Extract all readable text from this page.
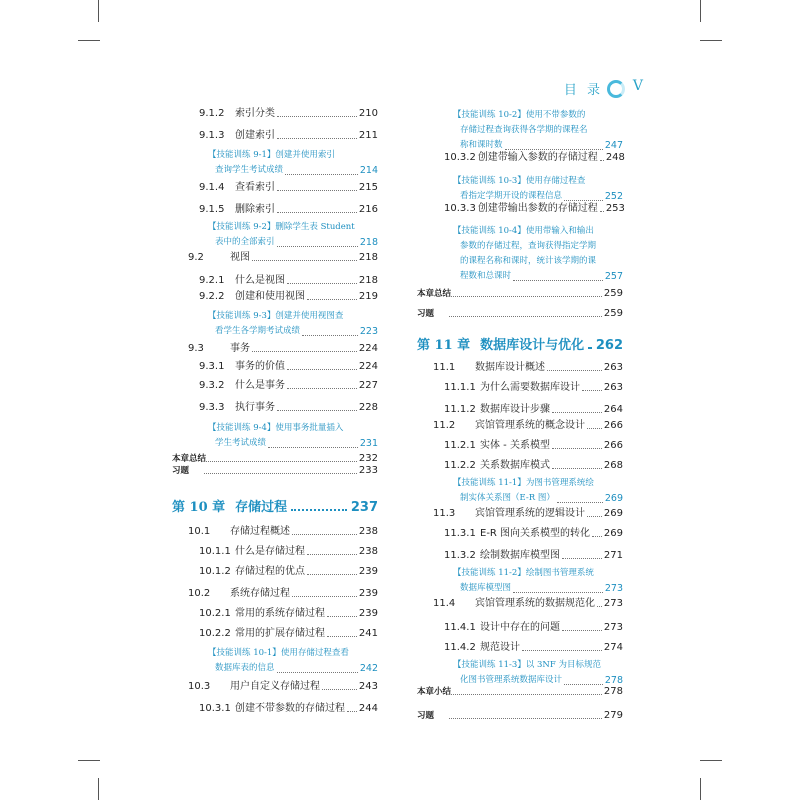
目 录 V
9.1.2	索引分类	210
9.1.3	创建索引	211
【技能训练 9-1】创建并使用索引
查询学生考试成绩	214
9.1.4	查看索引	215
9.1.5	删除索引	216
【技能训练 9-2】删除学生表 Student
表中的全部索引	218
9.2	视图	218
9.2.1	什么是视图	218
9.2.2	创建和使用视图	219
【技能训练 9-3】创建并使用视图查
看学生各学期考试成绩	223
9.3	事务	224
9.3.1	事务的价值	224
9.3.2	什么是事务	227
9.3.3	执行事务	228
【技能训练 9-4】使用事务批量插入
学生考试成绩	231
本章总结	232
习题	233
第 10 章 存储过程	237
10.1	存储过程概述	238
10.1.1 什么是存储过程	238
10.1.2 存储过程的优点	239
10.2	系统存储过程	239
10.2.1 常用的系统存储过程	239
10.2.2 常用的扩展存储过程	241
【技能训练 10-1】使用存储过程查看
数据库表的信息	242
10.3	用户自定义存储过程	243
10.3.1 创建不带参数的存储过程 244
【技能训练 10-2】使用不带参数的
存储过程查询获得各学期的课程名
称和课时数	247
10.3.2 创建带输入参数的存储过程 248
【技能训练 10-3】使用存储过程查
看指定学期开设的课程信息	252
10.3.3 创建带输出参数的存储过程 253
【技能训练 10-4】使用带输入和输出
参数的存储过程，查询获得指定学期
的课程名称和课时，统计该学期的课
程数和总课时	257
本章总结	259
习题	259
第 11 章 数据库设计与优化 262
11.1	数据库设计概述	263
11.1.1 为什么需要数据库设计 263
11.1.2 数据库设计步骤	264
11.2	宾馆管理系统的概念设计 266
11.2.1 实体 - 关系模型	266
11.2.2 关系数据库模式	268
【技能训练 11-1】为图书管理系统绘
制实体关系图（E-R 图）	269
11.3	宾馆管理系统的逻辑设计 269
11.3.1 E-R 图向关系模型的转化 269
11.3.2 绘制数据库模型图	271
【技能训练 11-2】绘制图书管理系统
数据库模型图	273
11.4	宾馆管理系统的数据规范化 273
11.4.1 设计中存在的问题	273
11.4.2 规范设计	274
【技能训练 11-3】以 3NF 为目标规范
化图书管理系统数据库设计	278
本章小结	278
习题	279
